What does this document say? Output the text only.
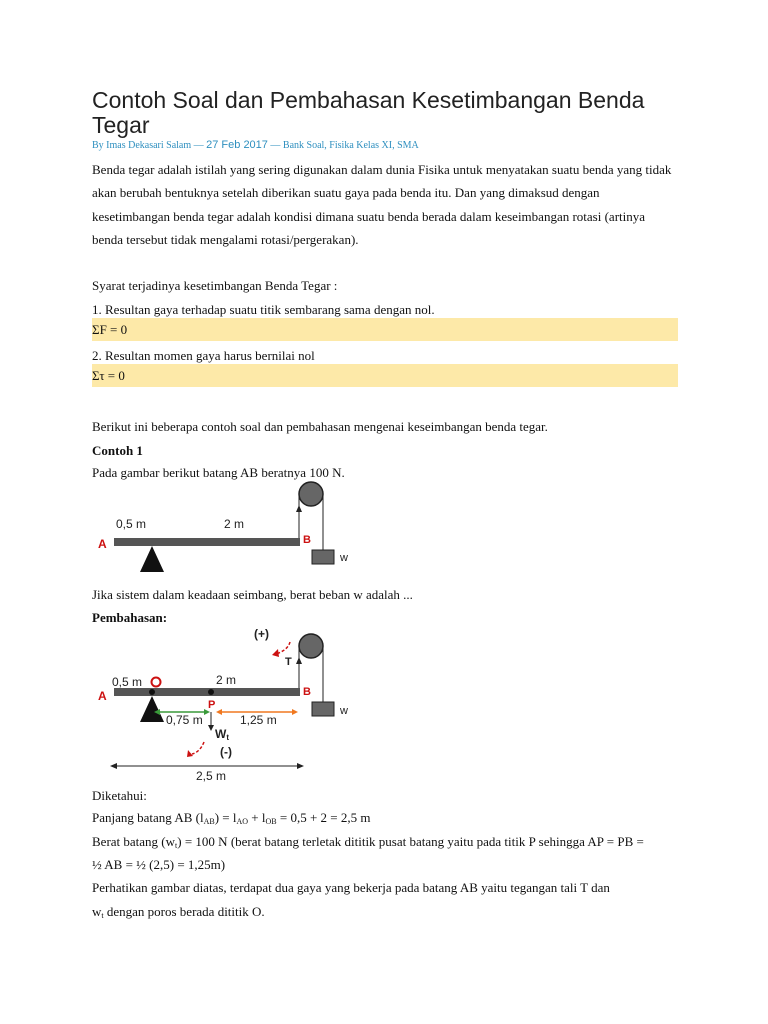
Contoh Soal dan Pembahasan Kesetimbangan Benda Tegar
By Imas Dekasari Salam — 27 Feb 2017 — Bank Soal, Fisika Kelas XI, SMA
Benda tegar adalah istilah yang sering digunakan dalam dunia Fisika untuk menyatakan suatu benda yang tidak akan berubah bentuknya setelah diberikan suatu gaya pada benda itu. Dan yang dimaksud dengan kesetimbangan benda tegar adalah kondisi dimana suatu benda berada dalam keseimbangan rotasi (artinya benda tersebut tidak mengalami rotasi/pergerakan).
Syarat terjadinya kesetimbangan Benda Tegar :
1. Resultan gaya terhadap suatu titik sembarang sama dengan nol.
ΣF = 0
2. Resultan momen gaya harus bernilai nol
Στ = 0
Berikut ini beberapa contoh soal dan pembahasan mengenai keseimbangan benda tegar.
Contoh 1
Pada gambar berikut batang AB beratnya 100 N.
A	B
0,5 m	2 m
w
Jika sistem dalam keadaan seimbang, berat beban w adalah ...
Pembahasan:
(+)
T
A	B
P
0,5 m	2 m
0,75 m	1,25 m
w
Wt
(-)
2,5 m
Diketahui:
Panjang batang AB $(l_{AB}) = l_{AO} + l_{OB} = 0,5 + 2 = 2,5$ m
Berat batang $(w_t) = 100$ N (berat batang terletak dititik pusat batang yaitu pada titik P sehingga AP = PB =
½ AB = ½ (2,5) = 1,25m)
Perhatikan gambar diatas, terdapat dua gaya yang bekerja pada batang AB yaitu tegangan tali T dan
$w_t$ dengan poros berada dititik O.
